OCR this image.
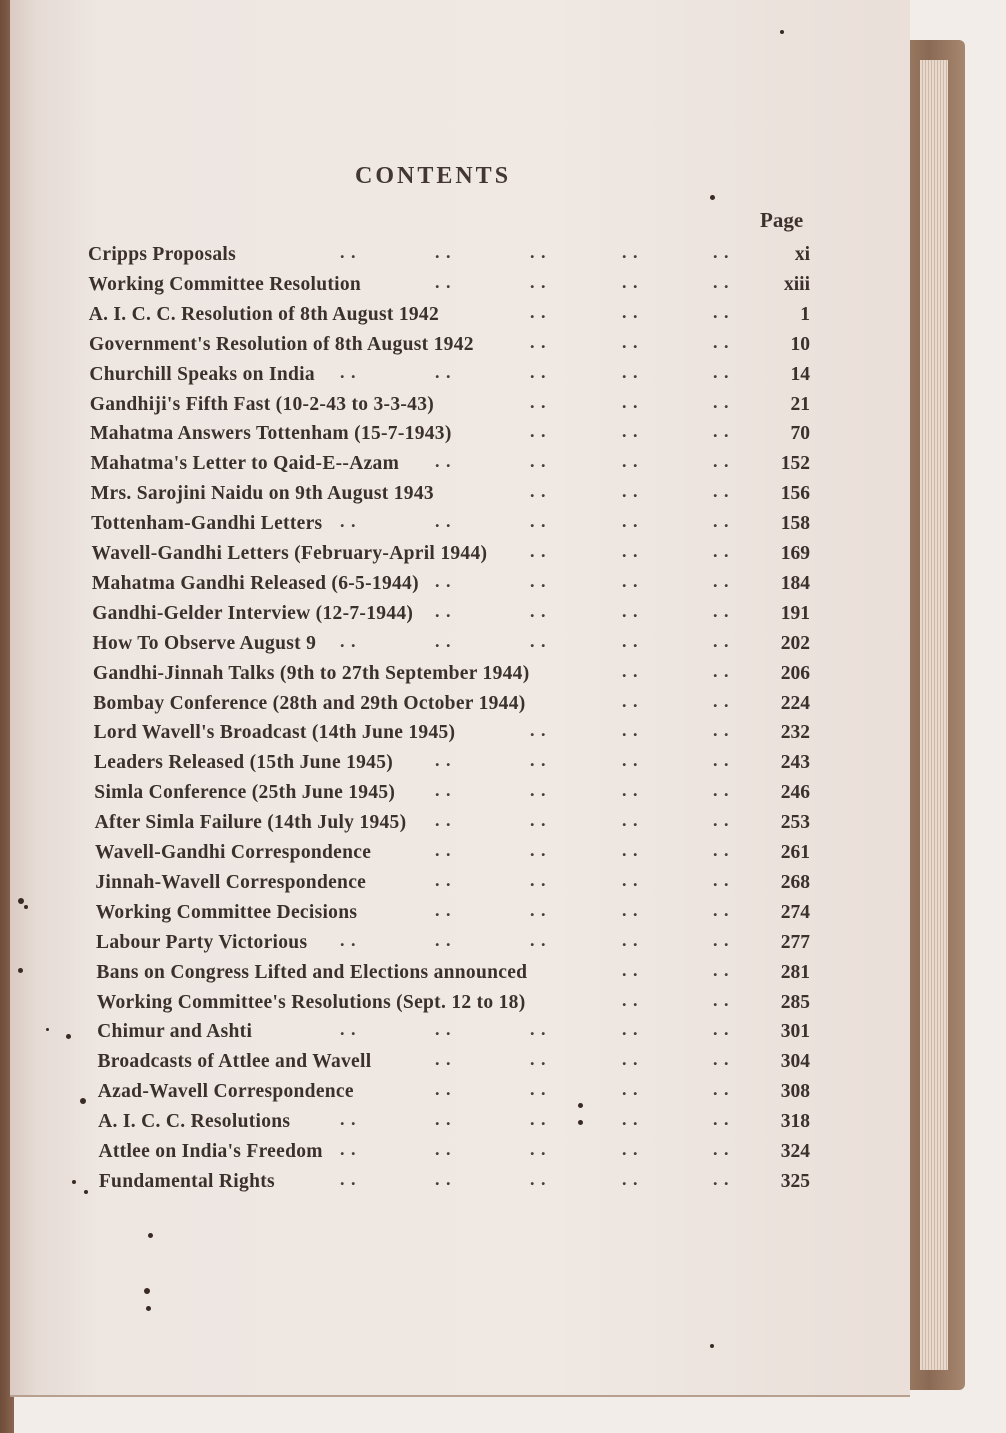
CONTENTS
Page
Cripps Proposals	xi
. .	. .	. .	. .	. .
Working Committee Resolution	xiii
. .	. .	. .	. .
A. I. C. C. Resolution of 8th August 1942	1
. .	. .	. .
Government's Resolution of 8th August 1942	10
. .	. .	. .
Churchill Speaks on India	14
. .	. .	. .	. .	. .
Gandhiji's Fifth Fast (10-2-43 to 3-3-43)	21
. .	. .	. .
Mahatma Answers Tottenham (15-7-1943)	70
. .	. .	. .
Mahatma's Letter to Qaid-E--Azam	152
. .	. .	. .	. .
Mrs. Sarojini Naidu on 9th August 1943	156
. .	. .	. .
Tottenham-Gandhi Letters	158
. .	. .	. .	. .	. .
Wavell-Gandhi Letters (February-April 1944)	169
. .	. .	. .
Mahatma Gandhi Released (6-5-1944)	184
. .	. .	. .	. .
Gandhi-Gelder Interview (12-7-1944)	191
. .	. .	. .	. .
How To Observe August 9	202
. .	. .	. .	. .	. .
Gandhi-Jinnah Talks (9th to 27th September 1944)	206
. .	. .
Bombay Conference (28th and 29th October 1944)	224
. .	. .
Lord Wavell's Broadcast (14th June 1945)	232
. .	. .	. .
Leaders Released (15th June 1945)	243
. .	. .	. .	. .
Simla Conference (25th June 1945)	246
. .	. .	. .	. .
After Simla Failure (14th July 1945)	253
. .	. .	. .	. .
Wavell-Gandhi Correspondence	261
. .	. .	. .	. .
Jinnah-Wavell Correspondence	268
. .	. .	. .	. .
Working Committee Decisions	274
. .	. .	. .	. .
Labour Party Victorious	277
. .	. .	. .	. .	. .
Bans on Congress Lifted and Elections announced	281
. .	. .
Working Committee's Resolutions (Sept. 12 to 18)	285
. .	. .
Chimur and Ashti	301
. .	. .	. .	. .	. .
Broadcasts of Attlee and Wavell	304
. .	. .	. .	. .
Azad-Wavell Correspondence	308
. .	. .	. .	. .
A. I. C. C. Resolutions	318
. .	. .	. .	. .	. .
Attlee on India's Freedom	324
. .	. .	. .	. .	. .
Fundamental Rights	325
. .	. .	. .	. .	. .
